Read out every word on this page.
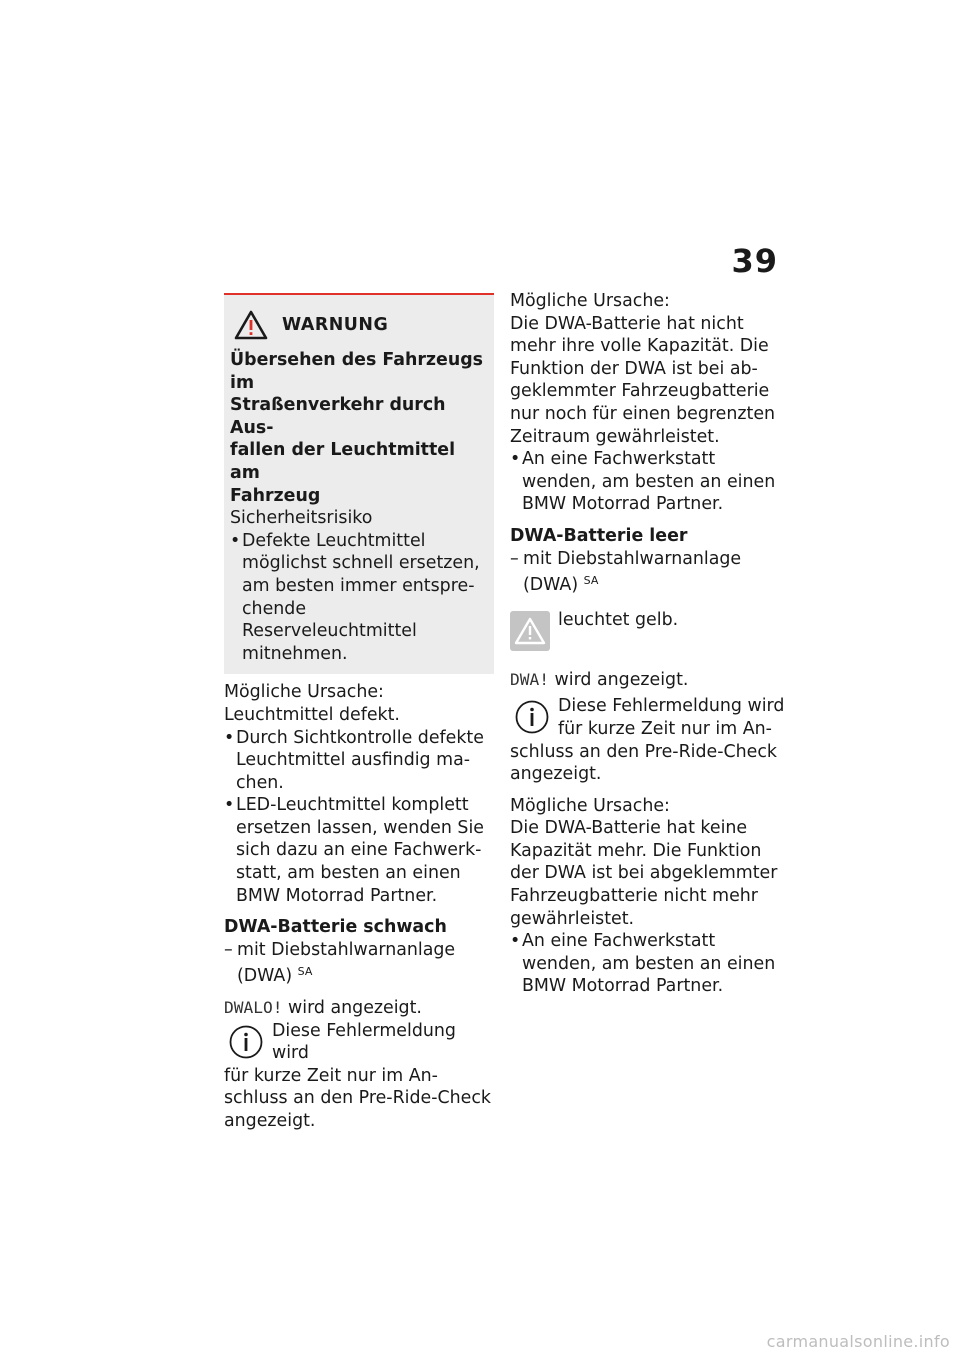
39
WARNUNG
Übersehen des Fahrzeugs im
Straßenverkehr durch Aus-
fallen der Leuchtmittel am
Fahrzeug
Sicherheitsrisiko
• Defekte Leuchtmittel
möglichst schnell ersetzen,
am besten immer entspre-
chende Reserveleuchtmittel
mitnehmen.
Mögliche Ursache:
Leuchtmittel defekt.
• Durch Sichtkontrolle defekte
Leuchtmittel ausfindig ma-
chen.
• LED-Leuchtmittel komplett
ersetzen lassen, wenden Sie
sich dazu an eine Fachwerk-
statt, am besten an einen
BMW Motorrad Partner.
DWA-Batterie schwach
– mit Diebstahlwarnanlage
(DWA) $^{SA}$
DWALO! wird angezeigt.
Diese Fehlermeldung wird
für kurze Zeit nur im An-
schluss an den Pre-Ride-Check
angezeigt.
Mögliche Ursache:
Die DWA-Batterie hat nicht
mehr ihre volle Kapazität. Die
Funktion der DWA ist bei ab-
geklemmter Fahrzeugbatterie
nur noch für einen begrenzten
Zeitraum gewährleistet.
• An eine Fachwerkstatt
wenden, am besten an einen
BMW Motorrad Partner.
DWA-Batterie leer
– mit Diebstahlwarnanlage
(DWA) $^{SA}$
leuchtet gelb.
DWA! wird angezeigt.
Diese Fehlermeldung wird
für kurze Zeit nur im An-
schluss an den Pre-Ride-Check
angezeigt.
Mögliche Ursache:
Die DWA-Batterie hat keine
Kapazität mehr. Die Funktion
der DWA ist bei abgeklemmter
Fahrzeugbatterie nicht mehr
gewährleistet.
• An eine Fachwerkstatt
wenden, am besten an einen
BMW Motorrad Partner.
carmanualsonline.info
